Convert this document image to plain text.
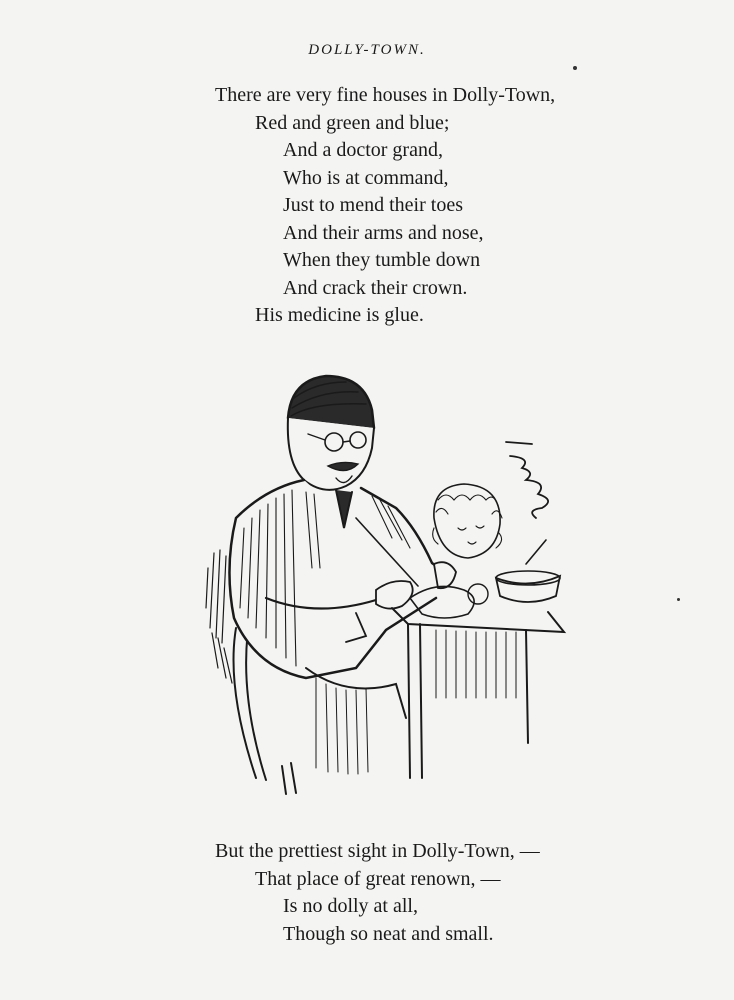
DOLLY-TOWN.
There are very fine houses in Dolly-Town,
Red and green and blue;
And a doctor grand,
Who is at command,
Just to mend their toes
And their arms and nose,
When they tumble down
And crack their crown.
His medicine is glue.
But the prettiest sight in Dolly-Town, —
That place of great renown, —
Is no dolly at all,
Though so neat and small.
